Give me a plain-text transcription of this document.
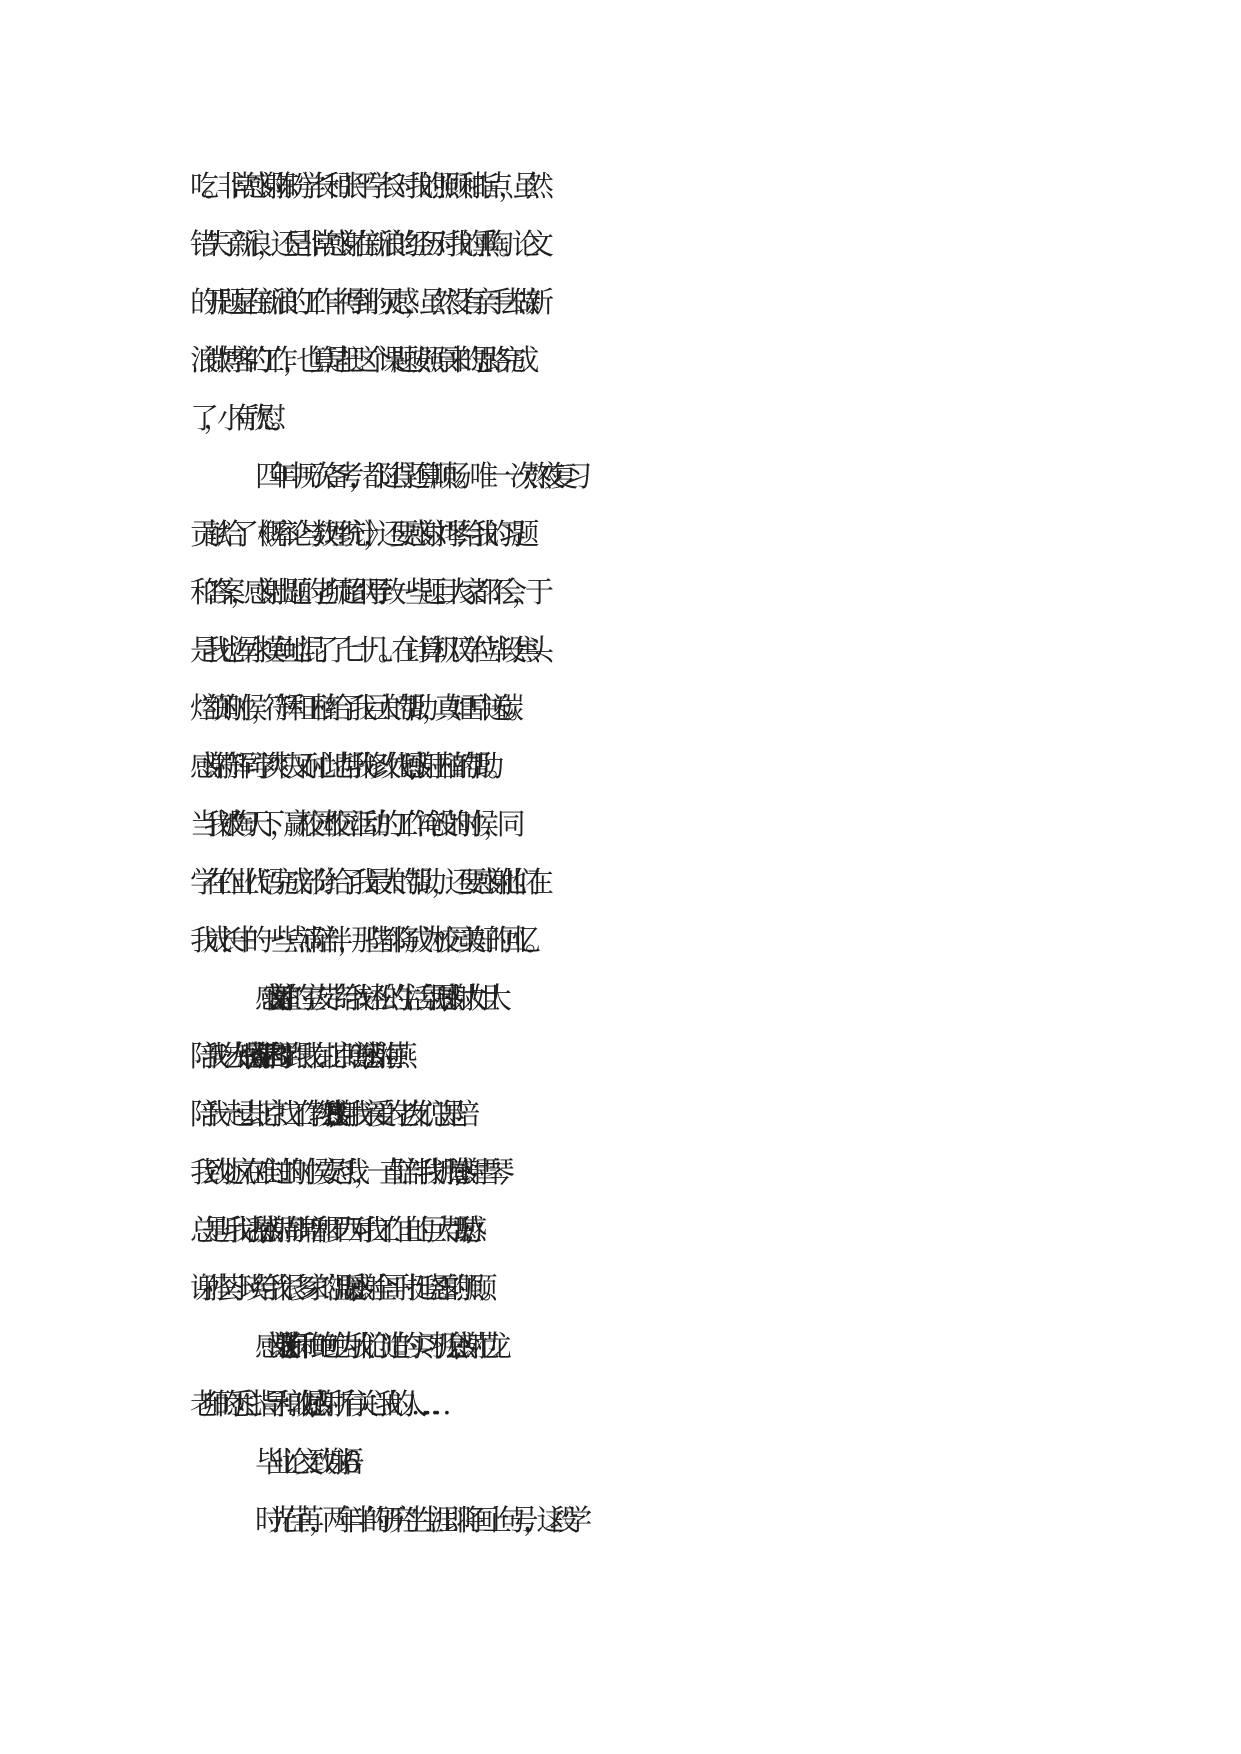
吃。非常感谢陈盼学长和张平学长对我的照顾和指点，虽然
错失了新浪，还是非常感谢在新浪的经历对我的熏陶。论文
的开题是在新浪的工作中得到的灵感，虽然没有亲手去做新
浪微博客的`工作，也算是把这个课题按照原来的思路完成
了，小有欣慰。
四年中历次备考，都过得还算顺畅。唯一一次熬夜复习
贡献给了《概率论与数理统计》，还要感谢刘琴给我的习题
和答案，感谢出题的老师超纲导致一些题目大家都不会，于
是我也浑水摸鱼地混了了七十几。在计算机双学位毕设焦头
烂额的时候，符辉和王楠给了我巨大的帮助，真如雪中送碳。
感谢符辉同学爽快又耐心地帮我修改代码,感谢王楠的帮助。
当我被“陶天下，赢校园”校园活动的工作淹没的时候，同
学在作业代码完成部分给了我最大的帮助，还要感谢他们在
我成长中的一些点滴陪伴，那些都将成为校园美好的回忆。
感谢 xx 寝室的室友带给我轻松的生活氛围;感谢大姐大
陪我吃火锅;感谢 a 同学和 B 同学跟我在北京瞎逛;感谢海燕
陪我一起去北京找工作教我 PS;感谢我亲爱的老友们总是陪
我到处疯在难过的时候安慰我，一直陪伴我折腾;感谢雪琴
总是听我话捞;感谢周锦增和罗西对我工作上的巨大帮助;感
谢孙荟小瑛给我很多家的温暖;感谢全哥叶挺晓露的照顾。
感谢陈 xx 老师和鲍鲍为我们创造的实习机会;感谢范龙
老师的悉心指导和敦促;感谢所有关心我的人……
毕业论文致谢语 6
时光荏苒，两年半的研究生生涯即将画上句号，这段学
